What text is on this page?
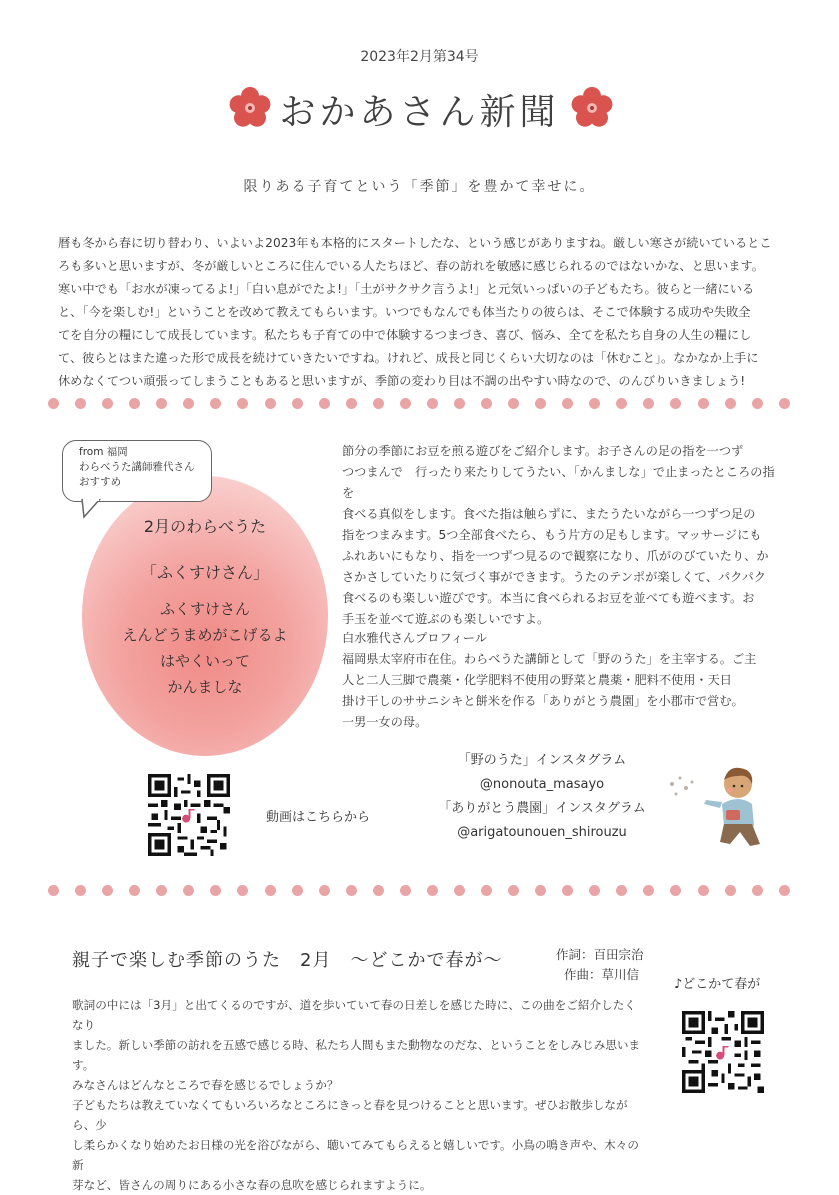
2023年2月第34号
おかあさん新聞
限りある子育てという「季節」を豊かて幸せに。
暦も冬から春に切り替わり、いよいよ2023年も本格的にスタートしたな、という感じがありますね。厳しい寒さが続いているとこ
ろも多いと思いますが、冬が厳しいところに住んでいる人たちほど、春の訪れを敏感に感じられるのではないかな、と思います。
寒い中でも「お水が凍ってるよ!」「白い息がでたよ!」「土がサクサク言うよ!」と元気いっぱいの子どもたち。彼らと一緒にいる
と、「今を楽しむ!」ということを改めて教えてもらいます。いつでもなんでも体当たりの彼らは、そこで体験する成功や失敗全
てを自分の糧にして成長しています。私たちも子育ての中で体験するつまづき、喜び、悩み、全てを私たち自身の人生の糧にし
て、彼らとはまた違った形で成長を続けていきたいですね。けれど、成長と同じくらい大切なのは「休むこと」。なかなか上手に
休めなくてつい頑張ってしまうこともあると思いますが、季節の変わり目は不調の出やすい時なので、のんびりいきましょう!
from 福岡
わらべうた講師雅代さん
おすすめ
2月のわらべうた
「ふくすけさん」
ふくすけさん
えんどうまめがこげるよ
はやくいって
かんましな
節分の季節にお豆を煎る遊びをご紹介します。お子さんの足の指を一つず
つつまんで　行ったり来たりしてうたい、「かんましな」で止まったところの指を
食べる真似をします。食べた指は触らずに、またうたいながら一つずつ足の
指をつまみます。5つ全部食べたら、もう片方の足もします。マッサージにも
ふれあいにもなり、指を一つずつ見るので観察になり、爪がのびていたり、か
さかさしていたりに気づく事ができます。うたのテンポが楽しくて、パクパク
食べるのも楽しい遊びです。本当に食べられるお豆を並べても遊べます。お
手玉を並べて遊ぶのも楽しいですよ。
白水雅代さんプロフィール
福岡県太宰府市在住。わらべうた講師として「野のうた」を主宰する。ご主
人と二人三脚で農薬・化学肥料不使用の野菜と農薬・肥料不使用・天日
掛け干しのササニシキと餅米を作る「ありがとう農園」を小郡市で営む。
一男一女の母。
動画はこちらから
「野のうた」インスタグラム
@nonouta_masayo
「ありがとう農園」インスタグラム
@arigatounouen_shirouzu
親子で楽しむ季節のうた　2月　～どこかで春が～	作詞：百田宗治
作曲：草川信
♪どこかて春が
歌詞の中には「3月」と出てくるのですが、道を歩いていて春の日差しを感じた時に、この曲をご紹介したくなり
ました。新しい季節の訪れを五感で感じる時、私たち人間もまた動物なのだな、ということをしみじみ思います。
みなさんはどんなところで春を感じるでしょうか？
子どもたちは教えていなくてもいろいろなところにきっと春を見つけることと思います。ぜひお散歩しながら、少
し柔らかくなり始めたお日様の光を浴びながら、聴いてみてもらえると嬉しいです。小鳥の鳴き声や、木々の新
芽など、皆さんの周りにある小さな春の息吹を感じられますように。
